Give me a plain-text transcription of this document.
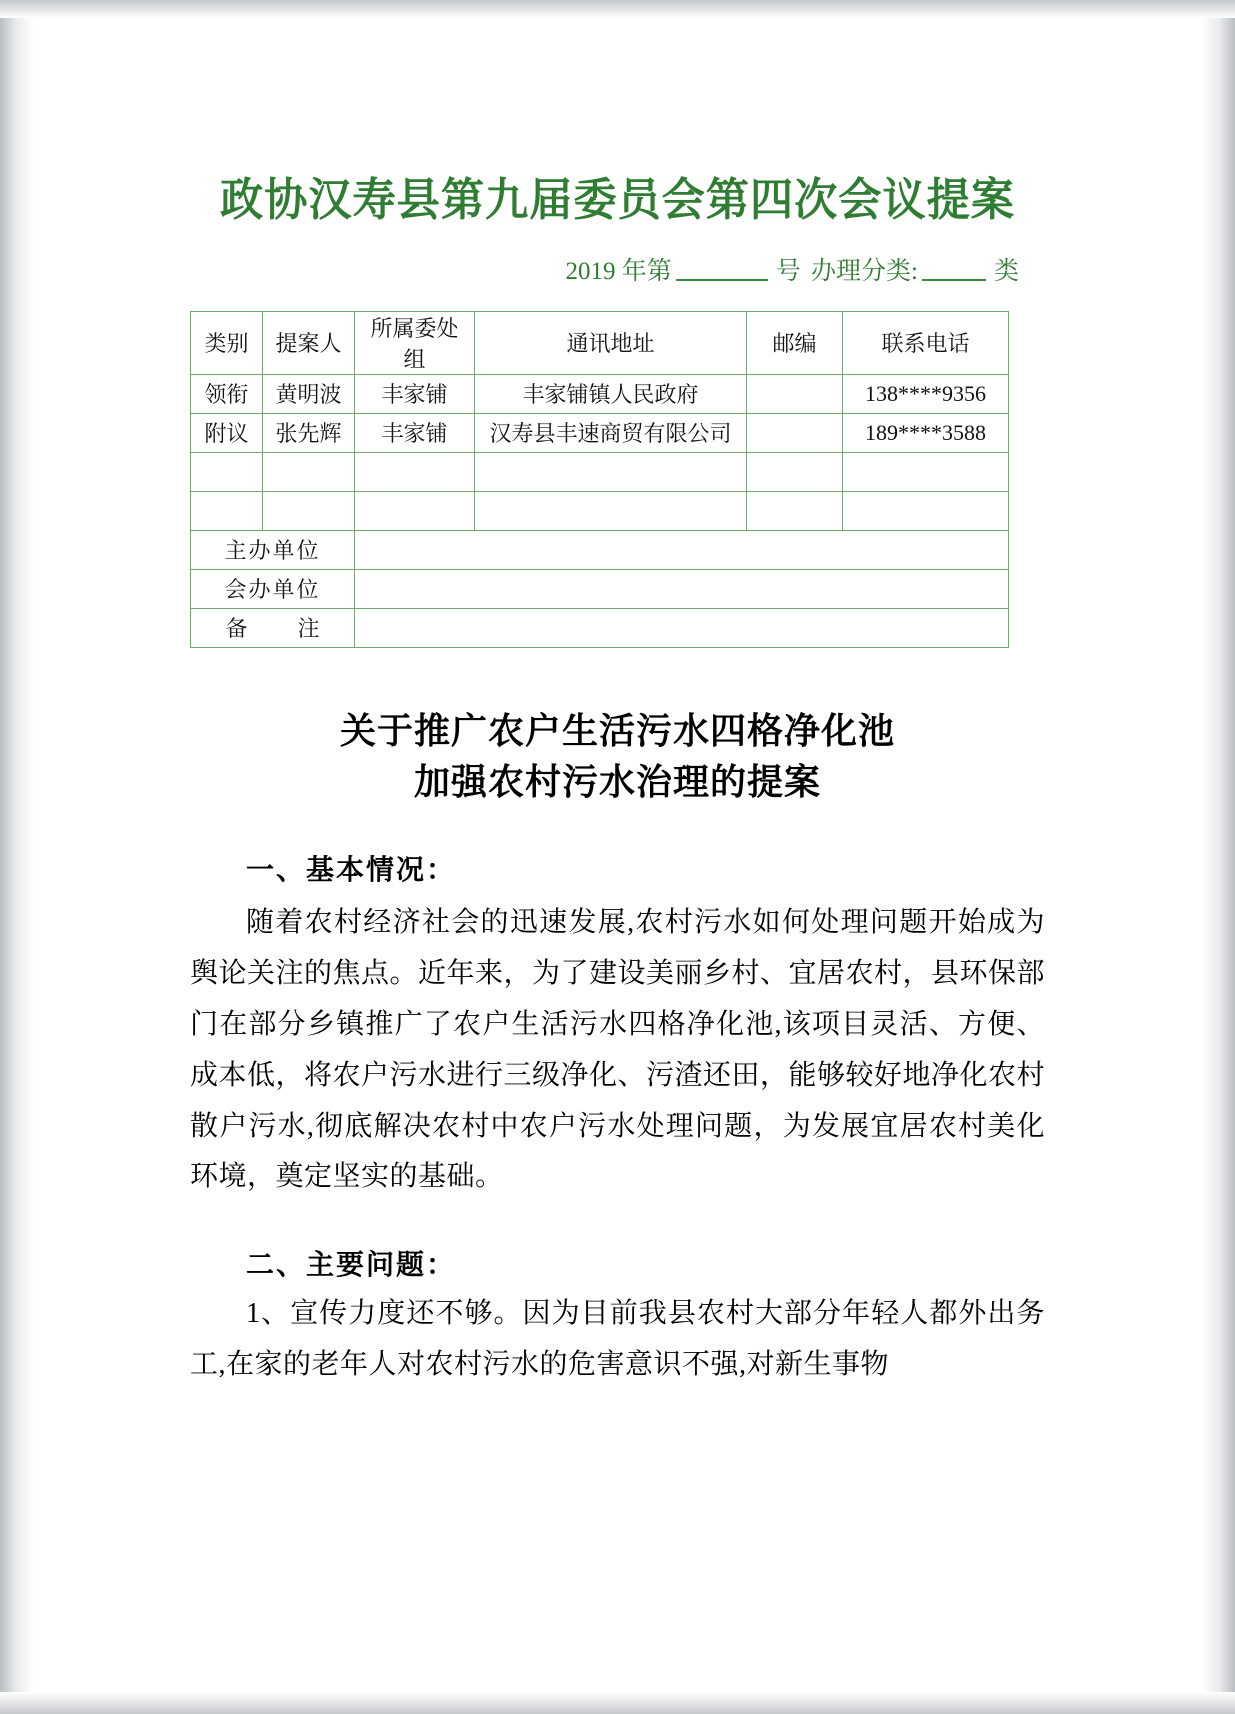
政协汉寿县第九届委员会第四次会议提案
2019 年第	号 办理分类:	类
类别	提案人	所属委处组	通讯地址	邮编	联系电话
领衔	黄明波	丰家铺	丰家铺镇人民政府		138****9356
附议	张先辉	丰家铺	汉寿县丰速商贸有限公司		189****3588

主办单位					
会办单位					
备　注					
关于推广农户生活污水四格净化池
加强农村污水治理的提案
一、基本情况：
随着农村经济社会的迅速发展,农村污水如何处理问题开始成为舆论关注的焦点。近年来，为了建设美丽乡村、宜居农村，县环保部门在部分乡镇推广了农户生活污水四格净化池,该项目灵活、方便、成本低，将农户污水进行三级净化、污渣还田，能够较好地净化农村散户污水,彻底解决农村中农户污水处理问题，为发展宜居农村美化环境，奠定坚实的基础。
二、主要问题：
1、宣传力度还不够。因为目前我县农村大部分年轻人都外出务工,在家的老年人对农村污水的危害意识不强,对新生事物
